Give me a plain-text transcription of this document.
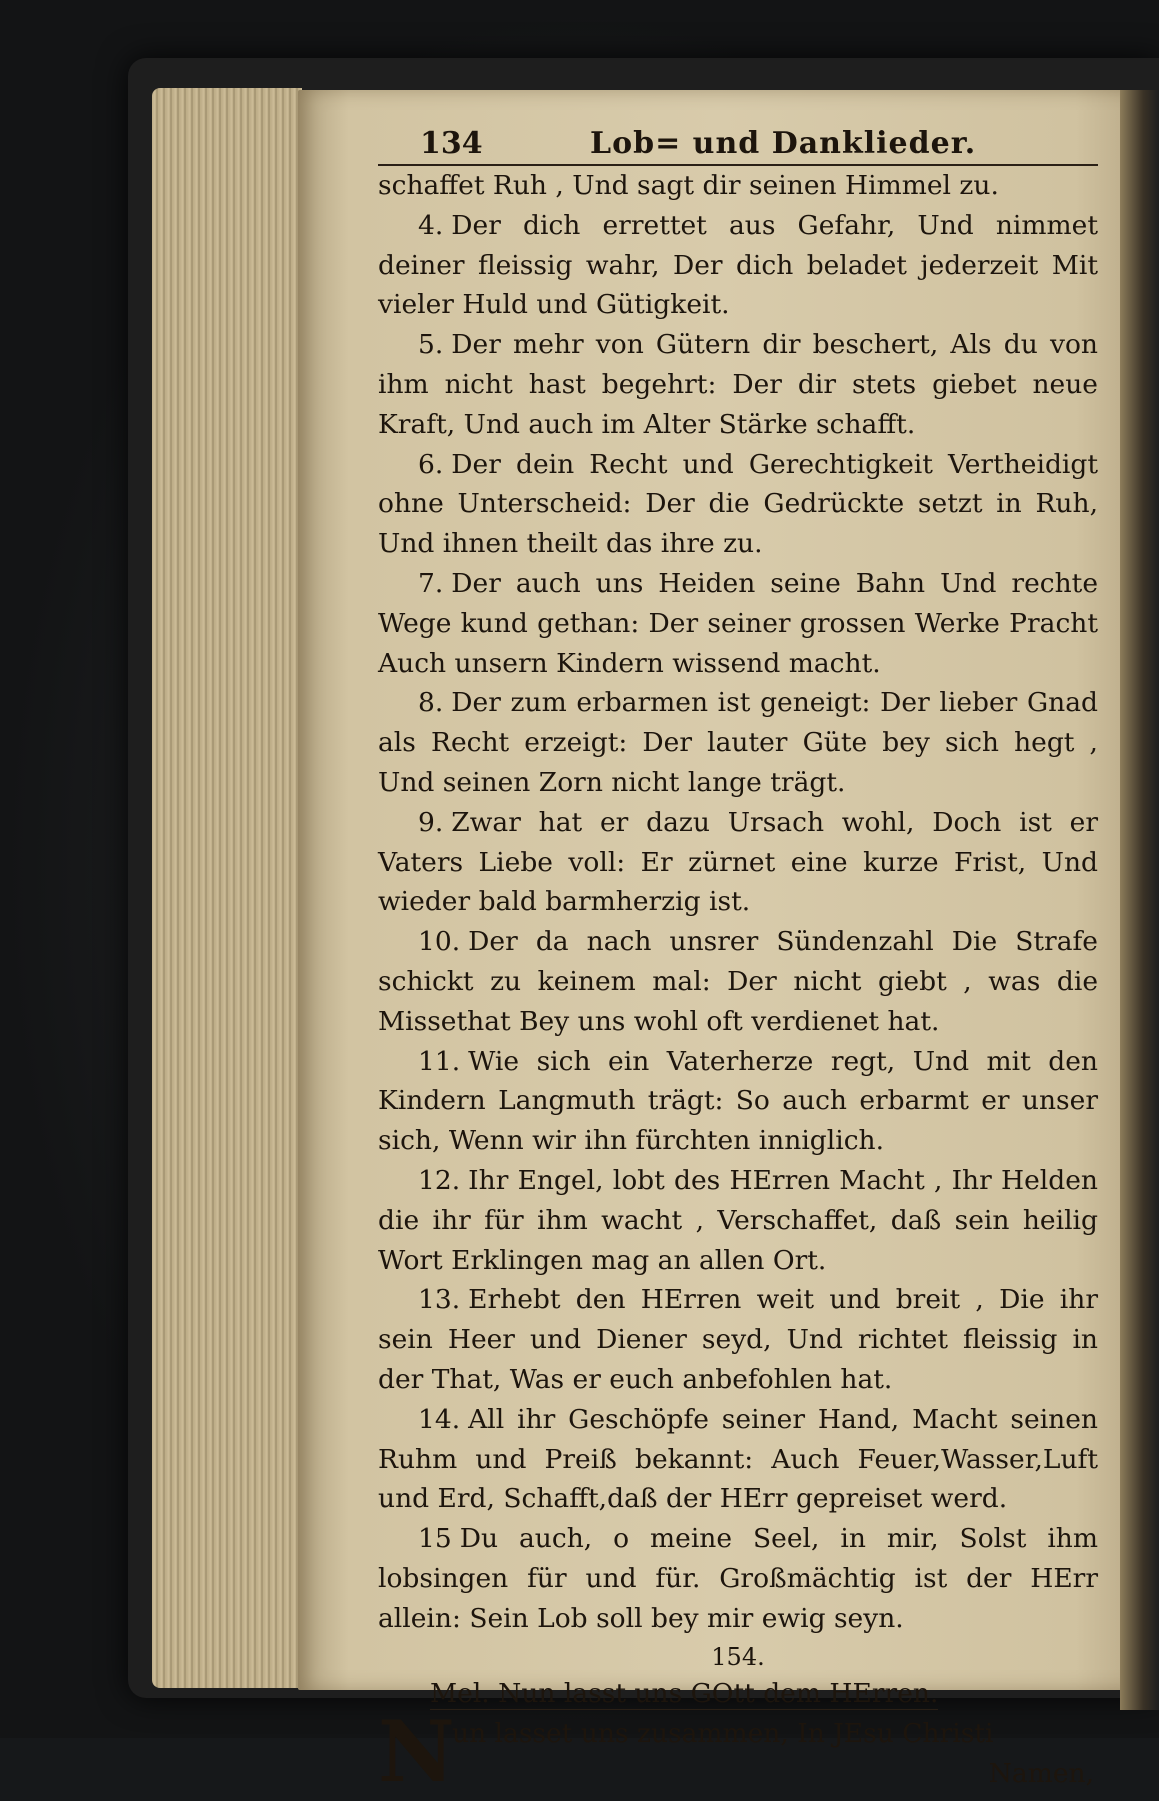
134	Lob= und Danklieder.

schaffet Ruh , Und sagt dir seinen Himmel zu.

4. Der dich errettet aus Gefahr, Und nimmet deiner fleissig wahr, Der dich beladet jederzeit Mit vieler Huld und Gütigkeit.

5. Der mehr von Gütern dir beschert, Als du von ihm nicht hast begehrt: Der dir stets giebet neue Kraft, Und auch im Alter Stärke schafft.

6. Der dein Recht und Gerechtigkeit Vertheidigt ohne Unterscheid: Der die Gedrückte setzt in Ruh, Und ihnen theilt das ihre zu.

7. Der auch uns Heiden seine Bahn Und rechte Wege kund gethan: Der seiner grossen Werke Pracht Auch unsern Kindern wissend macht.

8. Der zum erbarmen ist geneigt: Der lieber Gnad als Recht erzeigt: Der lauter Güte bey sich hegt , Und seinen Zorn nicht lange trägt.

9. Zwar hat er dazu Ursach wohl, Doch ist er Vaters Liebe voll: Er zürnet eine kurze Frist, Und wieder bald barmherzig ist.

10. Der da nach unsrer Sündenzahl Die Strafe schickt zu keinem mal: Der nicht giebt , was die Missethat Bey uns wohl oft verdienet hat.

11. Wie sich ein Vaterherze regt, Und mit den Kindern Langmuth trägt: So auch erbarmt er unser sich, Wenn wir ihn fürchten inniglich.

12. Ihr Engel, lobt des HErren Macht , Ihr Helden die ihr für ihm wacht , Verschaffet, daß sein heilig Wort Erklingen mag an allen Ort.

13. Erhebt den HErren weit und breit , Die ihr sein Heer und Diener seyd, Und richtet fleissig in der That, Was er euch anbefohlen hat.

14. All ihr Geschöpfe seiner Hand, Macht seinen Ruhm und Preiß bekannt: Auch Feuer,Wasser,Luft und Erd, Schafft,daß der HErr gepreiset werd.

15 Du auch, o meine Seel, in mir, Solst ihm lobsingen für und für. Großmächtig ist der HErr allein: Sein Lob soll bey mir ewig seyn.

154.

Mel. Nun lasst uns GOtt dem HErren.

N
un lasset uns zusammen, In JEsu Christi
Namen,
